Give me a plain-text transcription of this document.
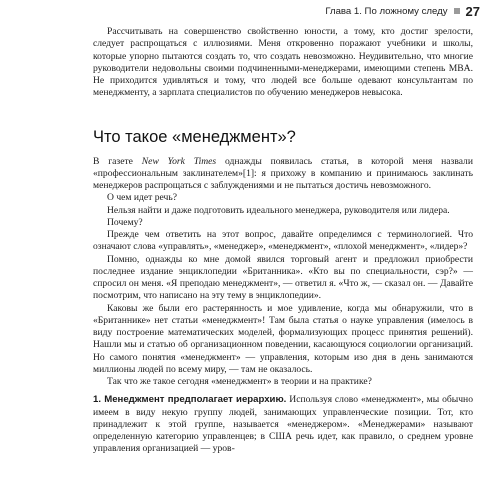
Глава 1. По ложному следу 27

Рассчитывать на совершенство свойственно юности, а тому, кто достиг зрелости, следует распрощаться с иллюзиями. Меня откровенно поражают учебники и школы, которые упорно пытаются создать то, что создать невозможно. Неудивительно, что многие руководители недовольны своими подчиненными-менеджерами, имеющими степень MBA. Не приходится удивляться и тому, что людей все больше одевают консультантам по менеджменту, а зарплата специалистов по обучению менеджеров невысока.

Что такое «менеджмент»?

В газете New York Times однажды появилась статья, в которой меня назвали «профессиональным заклинателем»[1]: я прихожу в компанию и принимаюсь заклинать менеджеров распрощаться с заблуждениями и не пытаться достичь невозможного.

О чем идет речь?

Нельзя найти и даже подготовить идеального менеджера, руководителя или лидера.

Почему?

Прежде чем ответить на этот вопрос, давайте определимся с терминологией. Что означают слова «управлять», «менеджер», «менеджмент», «плохой менеджмент», «лидер»?

Помню, однажды ко мне домой явился торговый агент и предложил приобрести последнее издание энциклопедии «Британника». «Кто вы по специальности, сэр?» — спросил он меня. «Я преподаю менеджмент», — ответил я. «Что ж, — сказал он. — Давайте посмотрим, что написано на эту тему в энциклопедии».

Каковы же были его растерянность и мое удивление, когда мы обнаружили, что в «Британнике» нет статьи «менеджмент»! Там была статья о науке управления (имелось в виду построение математических моделей, формализующих процесс принятия решений). Нашли мы и статью об организационном поведении, касающуюся социологии организаций. Но самого понятия «менеджмент» — управления, которым изо дня в день занимаются миллионы людей по всему миру, — там не оказалось.

Так что же такое сегодня «менеджмент» в теории и на практике?

1. Менеджмент предполагает иерархию. Используя слово «менеджмент», мы обычно имеем в виду некую группу людей, занимающих управленческие позиции. Тот, кто принадлежит к этой группе, называется «менеджером». «Менеджерами» называют определенную категорию управленцев; в США речь идет, как правило, о среднем уровне управления организацией — уров-
